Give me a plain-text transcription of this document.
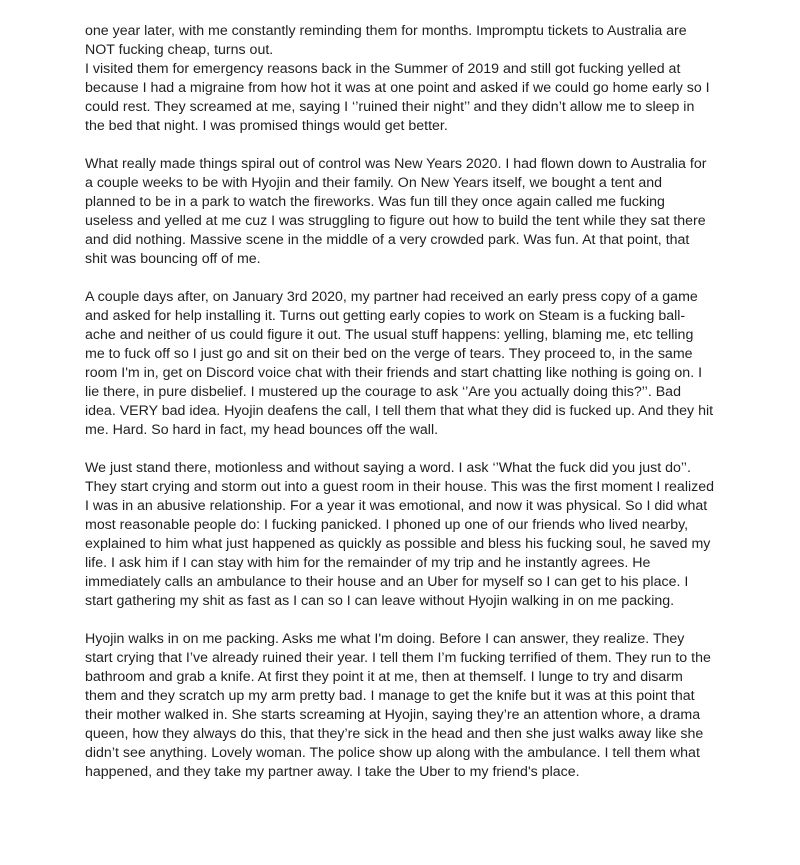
one year later, with me constantly reminding them for months. Impromptu tickets to Australia are NOT fucking cheap, turns out.
I visited them for emergency reasons back in the Summer of 2019 and still got fucking yelled at because I had a migraine from how hot it was at one point and asked if we could go home early so I could rest. They screamed at me, saying I ‘’ruined their night’’ and they didn’t allow me to sleep in the bed that night. I was promised things would get better.

What really made things spiral out of control was New Years 2020. I had flown down to Australia for a couple weeks to be with Hyojin and their family. On New Years itself, we bought a tent and planned to be in a park to watch the fireworks. Was fun till they once again called me fucking useless and yelled at me cuz I was struggling to figure out how to build the tent while they sat there and did nothing. Massive scene in the middle of a very crowded park. Was fun. At that point, that shit was bouncing off of me.

A couple days after, on January 3rd 2020, my partner had received an early press copy of a game and asked for help installing it. Turns out getting early copies to work on Steam is a fucking ball-ache and neither of us could figure it out. The usual stuff happens: yelling, blaming me, etc telling me to fuck off so I just go and sit on their bed on the verge of tears. They proceed to, in the same room I'm in, get on Discord voice chat with their friends and start chatting like nothing is going on. I lie there, in pure disbelief. I mustered up the courage to ask ‘’Are you actually doing this?’’. Bad idea. VERY bad idea. Hyojin deafens the call, I tell them that what they did is fucked up. And they hit me. Hard. So hard in fact, my head bounces off the wall.

We just stand there, motionless and without saying a word. I ask ‘’What the fuck did you just do’’. They start crying and storm out into a guest room in their house. This was the first moment I realized I was in an abusive relationship. For a year it was emotional, and now it was physical. So I did what most reasonable people do: I fucking panicked. I phoned up one of our friends who lived nearby, explained to him what just happened as quickly as possible and bless his fucking soul, he saved my life. I ask him if I can stay with him for the remainder of my trip and he instantly agrees. He immediately calls an ambulance to their house and an Uber for myself so I can get to his place. I start gathering my shit as fast as I can so I can leave without Hyojin walking in on me packing.

Hyojin walks in on me packing. Asks me what I'm doing. Before I can answer, they realize. They start crying that I’ve already ruined their year. I tell them I’m fucking terrified of them. They run to the bathroom and grab a knife. At first they point it at me, then at themself. I lunge to try and disarm them and they scratch up my arm pretty bad. I manage to get the knife but it was at this point that their mother walked in. She starts screaming at Hyojin, saying they’re an attention whore, a drama queen, how they always do this, that they’re sick in the head and then she just walks away like she didn’t see anything. Lovely woman. The police show up along with the ambulance. I tell them what happened, and they take my partner away. I take the Uber to my friend's place.
